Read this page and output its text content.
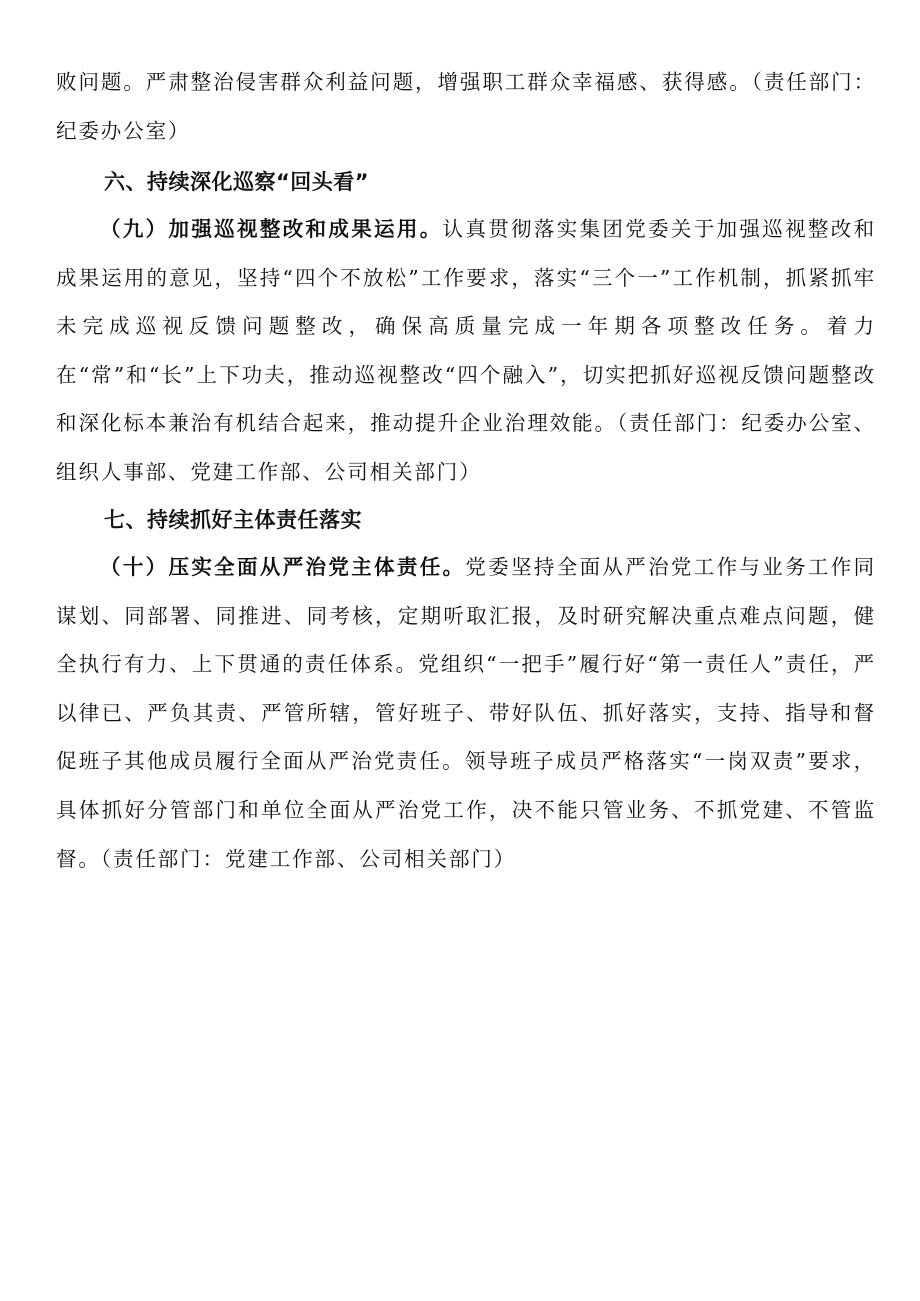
败问题。严肃整治侵害群众利益问题，增强职工群众幸福感、获得感。（责任部门：纪委办公室）

六、持续深化巡察“回头看”

（九）加强巡视整改和成果运用。认真贯彻落实集团党委关于加强巡视整改和成果运用的意见，坚持“四个不放松”工作要求，落实“三个一”工作机制，抓紧抓牢未完成巡视反馈问题整改，确保高质量完成一年期各项整改任务。着力在“常”和“长”上下功夫，推动巡视整改“四个融入”，切实把抓好巡视反馈问题整改和深化标本兼治有机结合起来，推动提升企业治理效能。（责任部门：纪委办公室、组织人事部、党建工作部、公司相关部门）

七、持续抓好主体责任落实

（十）压实全面从严治党主体责任。党委坚持全面从严治党工作与业务工作同谋划、同部署、同推进、同考核，定期听取汇报，及时研究解决重点难点问题，健全执行有力、上下贯通的责任体系。党组织“一把手”履行好“第一责任人”责任，严以律已、严负其责、严管所辖，管好班子、带好队伍、抓好落实，支持、指导和督促班子其他成员履行全面从严治党责任。领导班子成员严格落实“一岗双责”要求，具体抓好分管部门和单位全面从严治党工作，决不能只管业务、不抓党建、不管监督。（责任部门：党建工作部、公司相关部门）
